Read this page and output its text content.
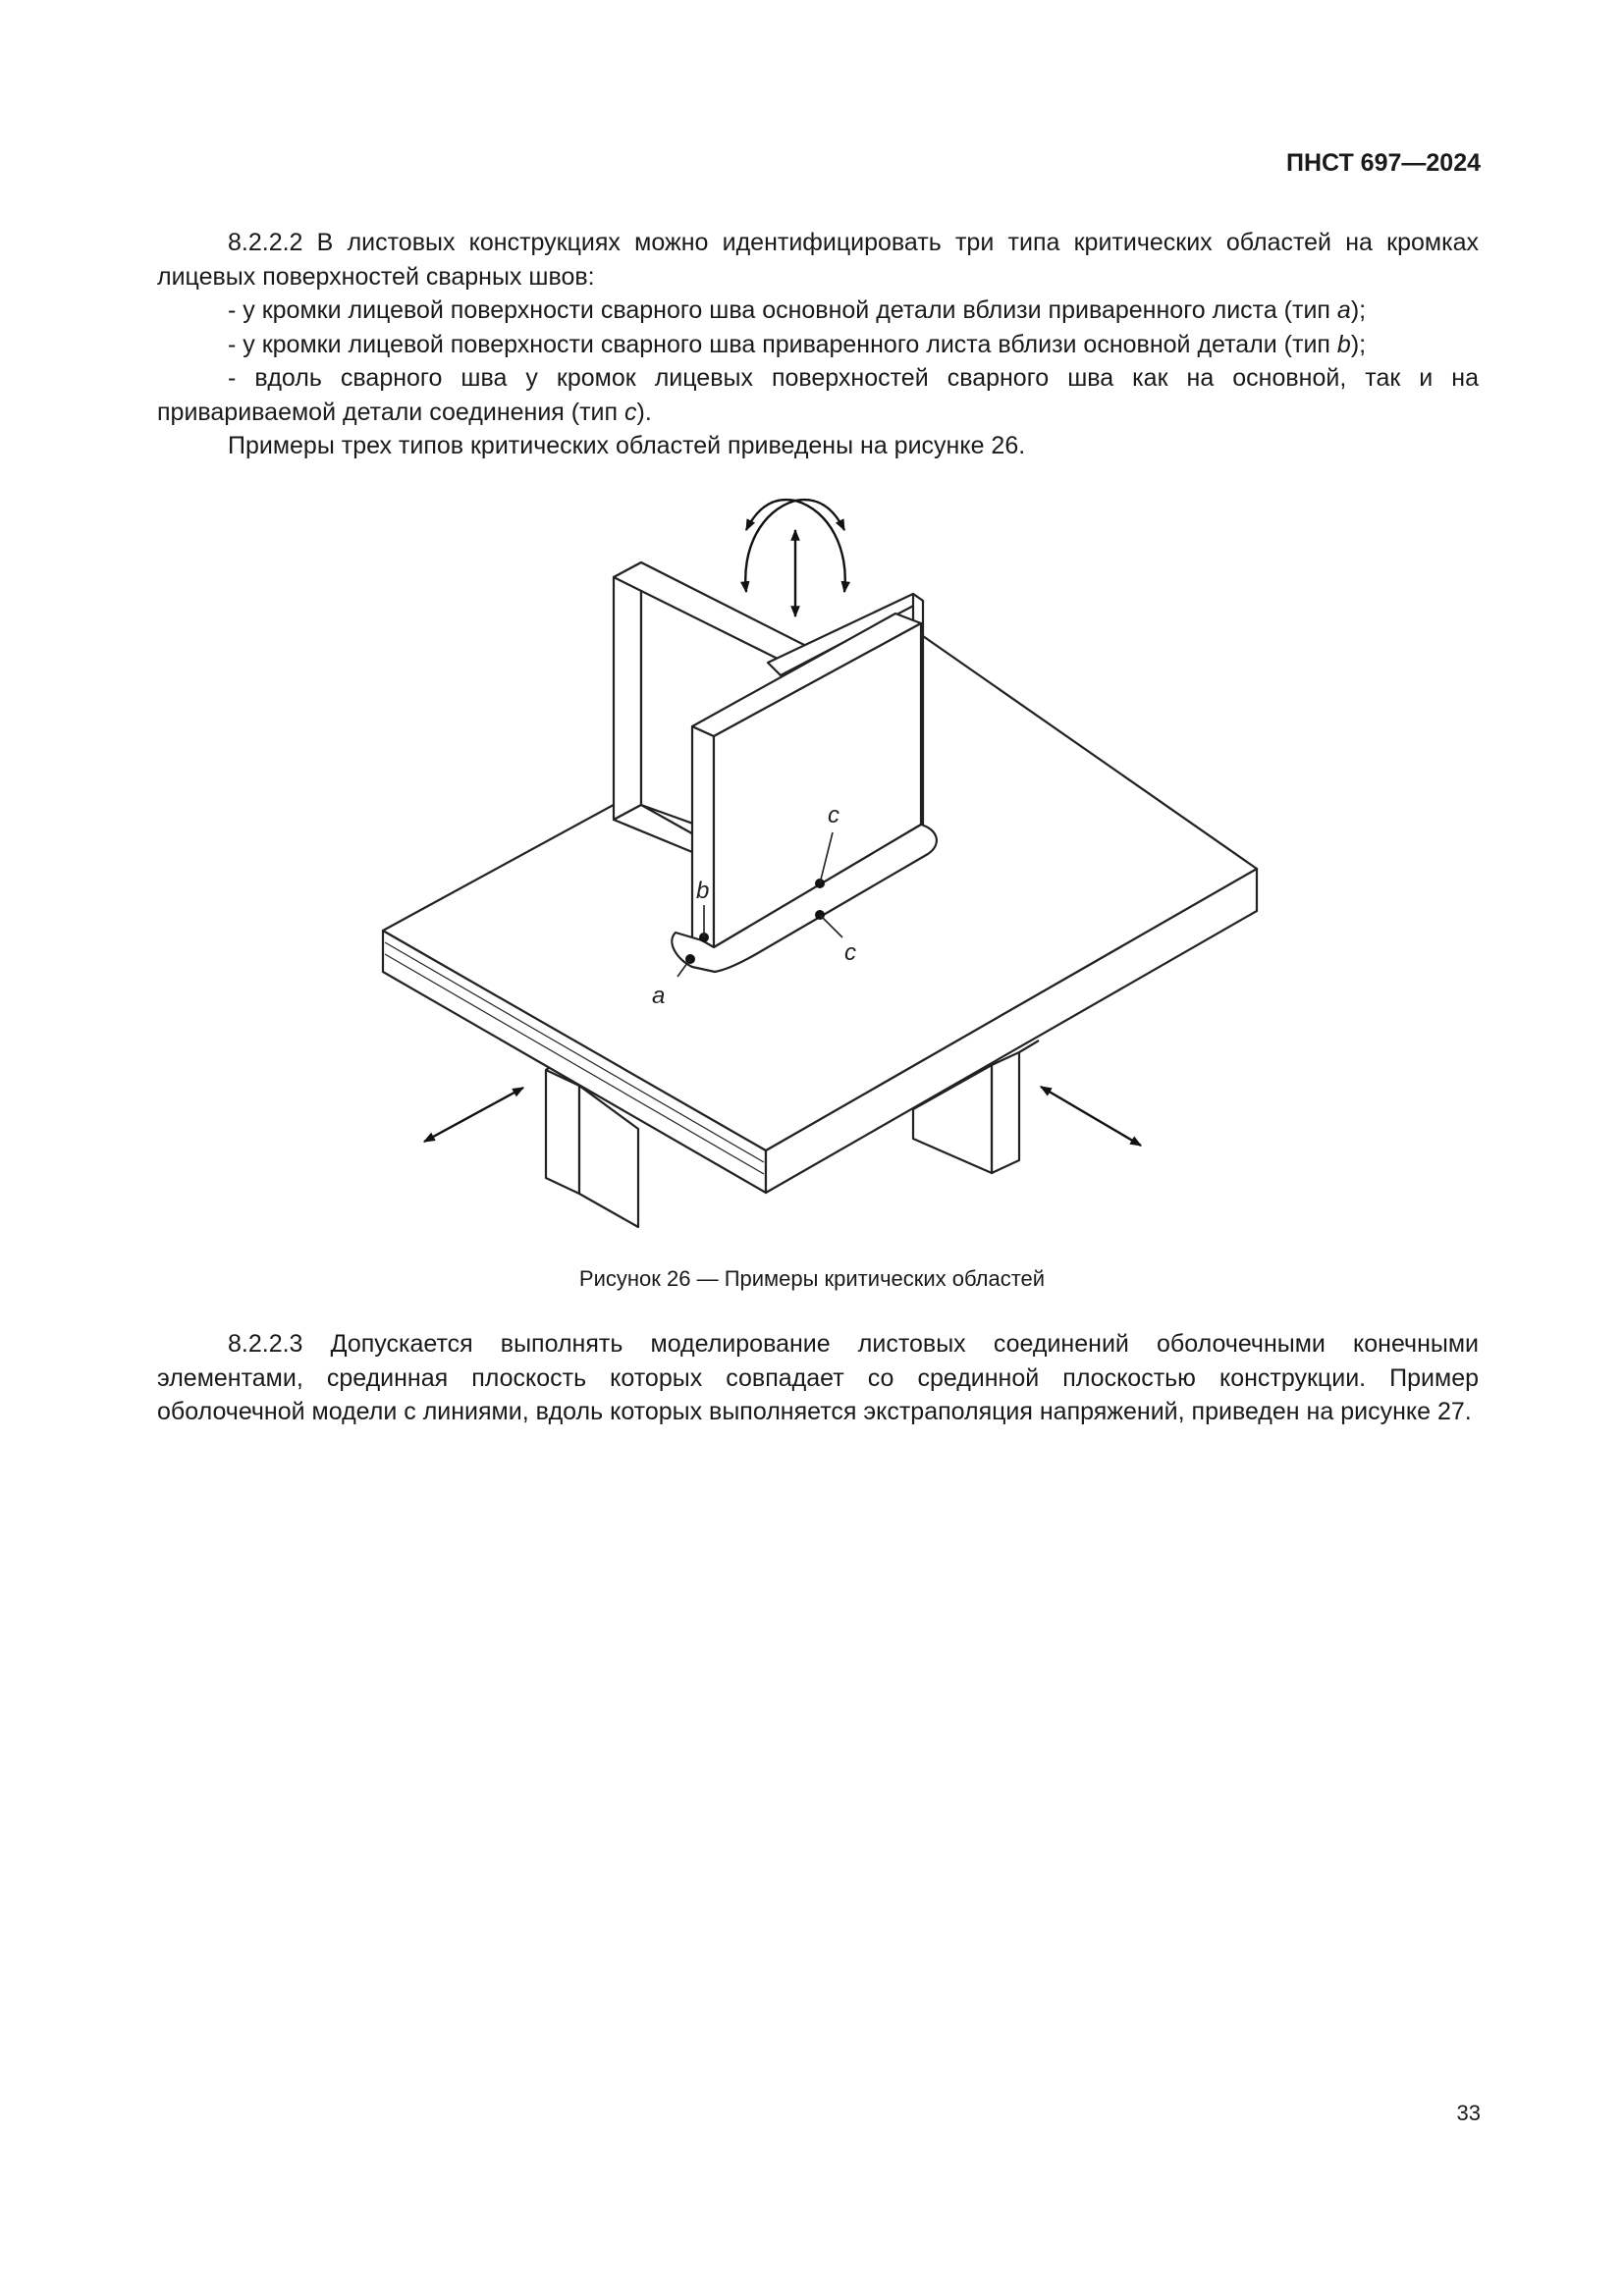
ПНСТ 697—2024

8.2.2.2 В листовых конструкциях можно идентифицировать три типа критических областей на кромках лицевых поверхностей сварных швов:

- у кромки лицевой поверхности сварного шва основной детали вблизи приваренного листа (тип a);

- у кромки лицевой поверхности сварного шва приваренного листа вблизи основной детали (тип b);

- вдоль сварного шва у кромок лицевых поверхностей сварного шва как на основной, так и на привариваемой детали соединения (тип c).

Примеры трех типов критических областей приведены на рисунке 26.

a
b
c
c
Рисунок 26 — Примеры критических областей

8.2.2.3 Допускается выполнять моделирование листовых соединений оболочечными конечными элементами, срединная плоскость которых совпадает со срединной плоскостью конструкции. Пример оболочечной модели с линиями, вдоль которых выполняется экстраполяция напряжений, приведен на рисунке 27.

33
